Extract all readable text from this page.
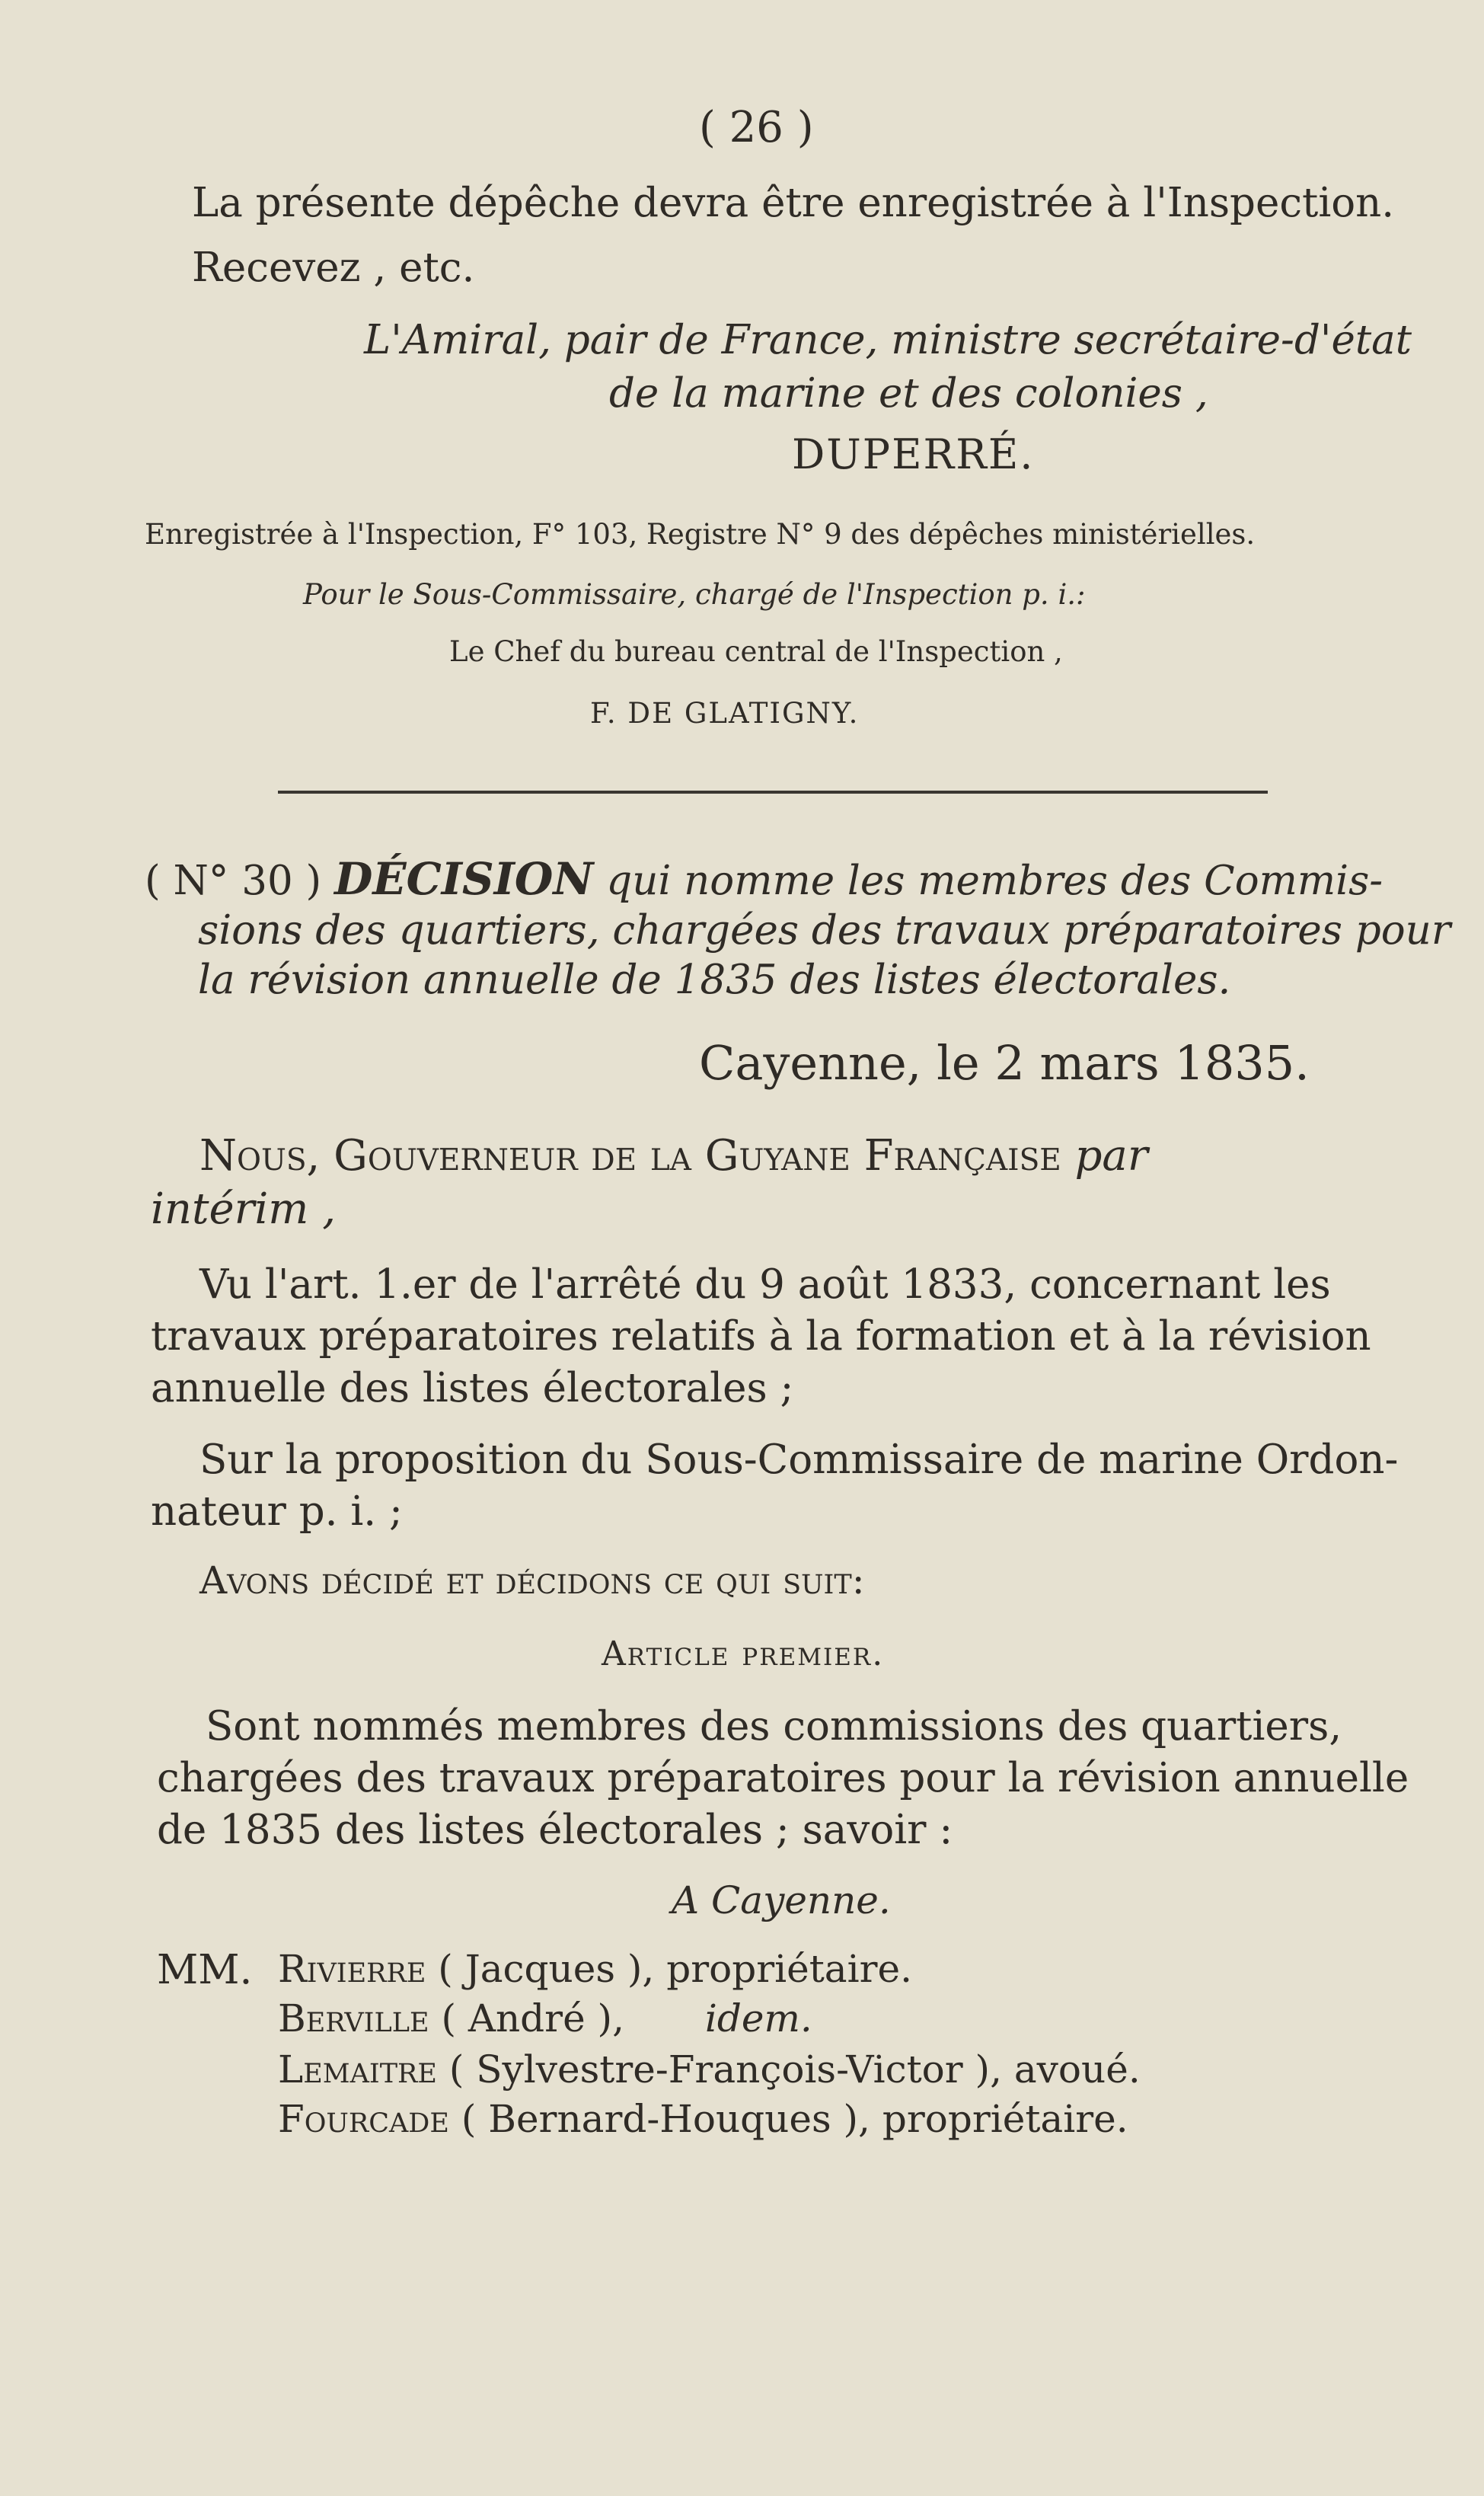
( 26 )
La présente dépêche devra être enregistrée à l'Inspection.
Recevez , etc.
L'Amiral, pair de France, ministre secrétaire-d'état
de la marine et des colonies ,
DUPERRÉ.
Enregistrée à l'Inspection, F° 103, Registre N° 9 des dépêches ministérielles.
Pour le Sous-Commissaire, chargé de l'Inspection p. i.:
Le Chef du bureau central de l'Inspection ,
F. DE GLATIGNY.
( N° 30 ) DÉCISION qui nomme les membres des Commis-
sions des quartiers, chargées des travaux préparatoires pour
la révision annuelle de 1835 des listes électorales.
Cayenne, le 2 mars 1835.
Nous, Gouverneur de la Guyane Française par
intérim ,
Vu l'art. 1.er de l'arrêté du 9 août 1833, concernant les
travaux préparatoires relatifs à la formation et à la révision
annuelle des listes électorales ;
Sur la proposition du Sous-Commissaire de marine Ordon-
nateur p. i. ;
Avons décidé et décidons ce qui suit:
Article premier.
Sont nommés membres des commissions des quartiers,
chargées des travaux préparatoires pour la révision annuelle
de 1835 des listes électorales ; savoir :
A Cayenne.
MM. Rivierre ( Jacques ), propriétaire.
Berville ( André ), idem.
Lemaitre ( Sylvestre-François-Victor ), avoué.
Fourcade ( Bernard-Houques ), propriétaire.
